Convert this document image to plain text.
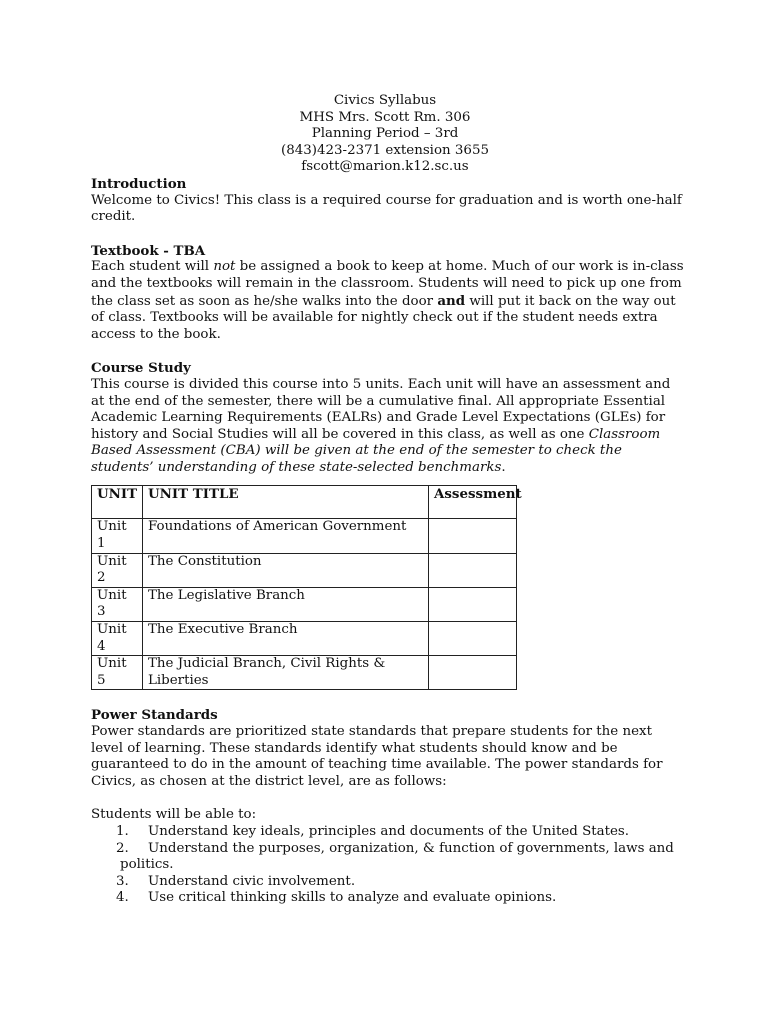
Civics Syllabus
MHS Mrs. Scott Rm. 306
Planning Period – 3rd
(843)423-2371 extension 3655
fscott@marion.k12.sc.us
Introduction

Welcome to Civics! This class is a required course for graduation and is worth one-half credit.

Textbook - TBA

Each student will not be assigned a book to keep at home. Much of our work is in-class and the textbooks will remain in the classroom. Students will need to pick up one from the class set as soon as he/she walks into the door and will put it back on the way out of class. Textbooks will be available for nightly check out if the student needs extra access to the book.

Course Study

This course is divided this course into 5 units. Each unit will have an assessment and at the end of the semester, there will be a cumulative final. All appropriate Essential Academic Learning Requirements (EALRs) and Grade Level Expectations (GLEs) for history and Social Studies will all be covered in this class, as well as one Classroom Based Assessment (CBA) will be given at the end of the semester to check the students’ understanding of these state-selected benchmarks.

UNIT	UNIT TITLE	Assessment
Unit 1	Foundations of American Government	
Unit 2	The Constitution	
Unit 3	The Legislative Branch	
Unit 4	The Executive Branch	
Unit 5	The Judicial Branch, Civil Rights & Liberties	
Power Standards

Power standards are prioritized state standards that prepare students for the next level of learning. These standards identify what students should know and be guaranteed to do in the amount of teaching time available. The power standards for Civics, as chosen at the district level, are as follows:

Students will be able to:

1. Understand key ideals, principles and documents of the United States.
2. Understand the purposes, organization, & function of governments, laws and politics.
3. Understand civic involvement.
4. Use critical thinking skills to analyze and evaluate opinions.
